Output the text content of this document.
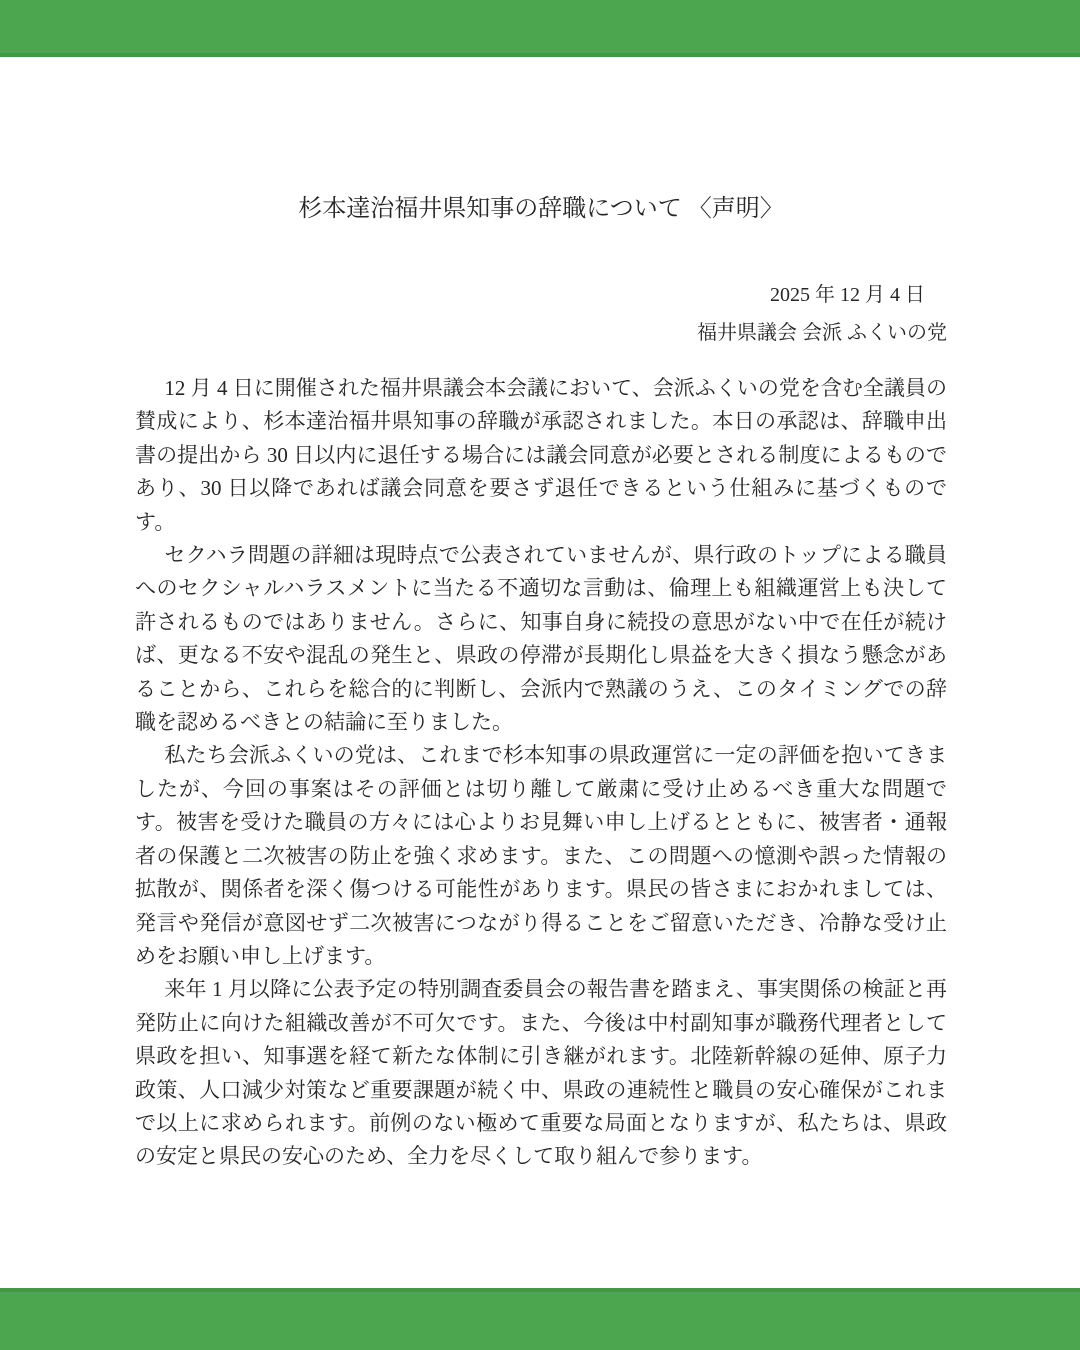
杉本達治福井県知事の辞職について 〈声明〉
2025 年 12 月 4 日
福井県議会 会派 ふくいの党

12 月 4 日に開催された福井県議会本会議において、会派ふくいの党を含む全議員の賛成により、杉本達治福井県知事の辞職が承認されました。本日の承認は、辞職申出書の提出から 30 日以内に退任する場合には議会同意が必要とされる制度によるものであり、30 日以降であれば議会同意を要さず退任できるという仕組みに基づくものです。

セクハラ問題の詳細は現時点で公表されていませんが、県行政のトップによる職員へのセクシャルハラスメントに当たる不適切な言動は、倫理上も組織運営上も決して許されるものではありません。さらに、知事自身に続投の意思がない中で在任が続けば、更なる不安や混乱の発生と、県政の停滞が長期化し県益を大きく損なう懸念があることから、これらを総合的に判断し、会派内で熟議のうえ、このタイミングでの辞職を認めるべきとの結論に至りました。

私たち会派ふくいの党は、これまで杉本知事の県政運営に一定の評価を抱いてきましたが、今回の事案はその評価とは切り離して厳粛に受け止めるべき重大な問題です。被害を受けた職員の方々には心よりお見舞い申し上げるとともに、被害者・通報者の保護と二次被害の防止を強く求めます。また、この問題への憶測や誤った情報の拡散が、関係者を深く傷つける可能性があります。県民の皆さまにおかれましては、発言や発信が意図せず二次被害につながり得ることをご留意いただき、冷静な受け止めをお願い申し上げます。

来年 1 月以降に公表予定の特別調査委員会の報告書を踏まえ、事実関係の検証と再発防止に向けた組織改善が不可欠です。また、今後は中村副知事が職務代理者として県政を担い、知事選を経て新たな体制に引き継がれます。北陸新幹線の延伸、原子力政策、人口減少対策など重要課題が続く中、県政の連続性と職員の安心確保がこれまで以上に求められます。前例のない極めて重要な局面となりますが、私たちは、県政の安定と県民の安心のため、全力を尽くして取り組んで参ります。
